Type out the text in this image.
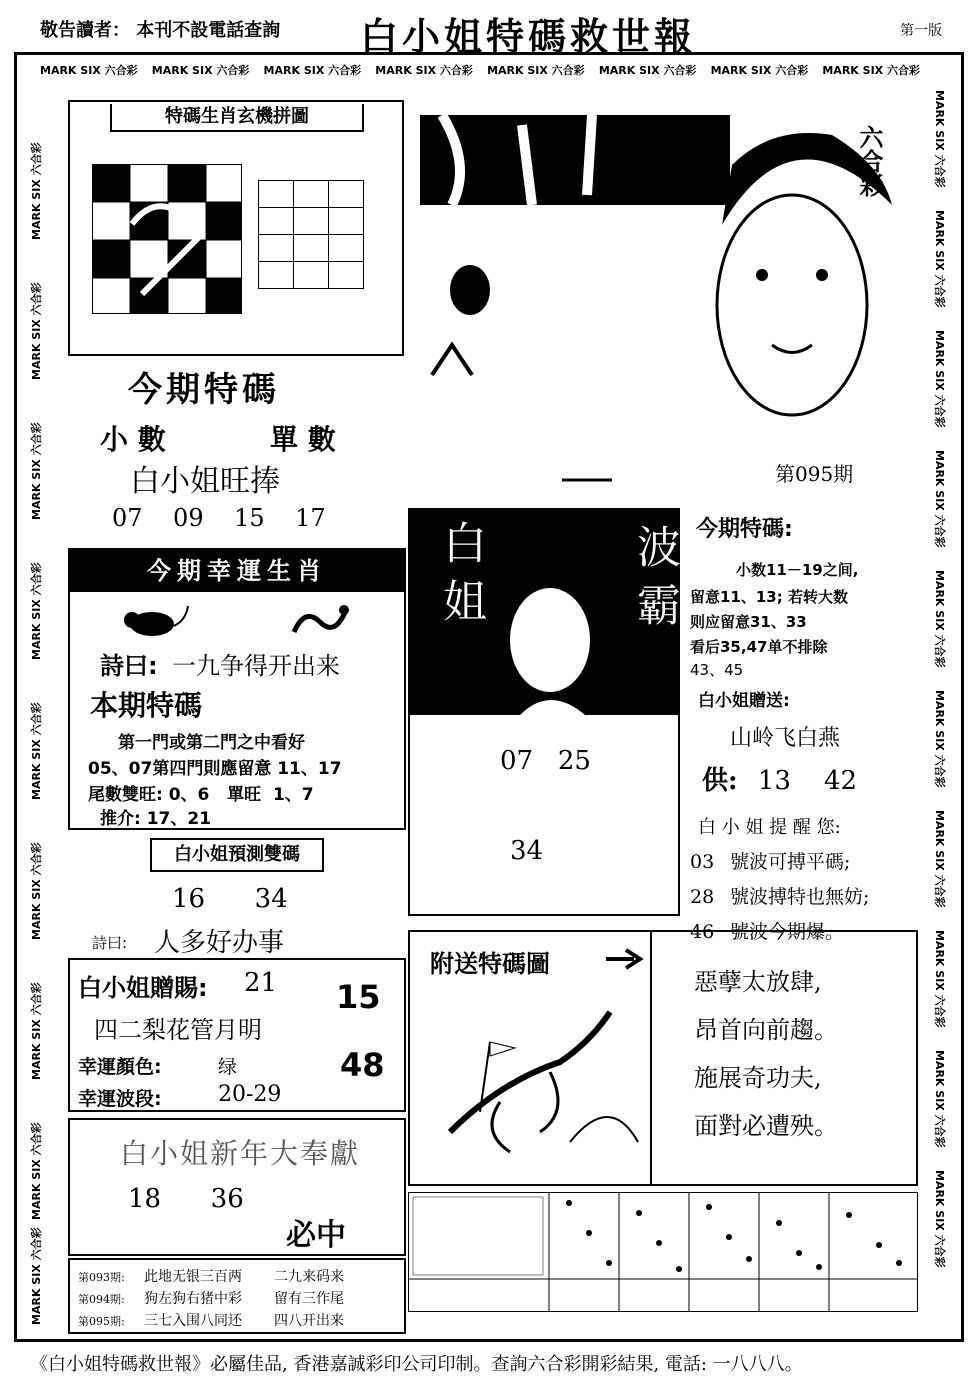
敬告讀者： 本刊不設電話查詢 白小姐特碼救世報	第一版
MARK SIX 六合彩 MARK SIX 六合彩 MARK SIX 六合彩 MARK SIX 六合彩 MARK SIX 六合彩 MARK SIX 六合彩 MARK SIX 六合彩 MARK SIX 六合彩
MARK SIX 六合彩
MARK SIX 六合彩
MARK SIX 六合彩
MARK SIX 六合彩
MARK SIX 六合彩
MARK SIX 六合彩
MARK SIX 六合彩
MARK SIX 六合彩
MARK SIX 六合彩
MARK SIX 六合彩
MARK SIX 六合彩
MARK SIX 六合彩
MARK SIX 六合彩
MARK SIX 六合彩
MARK SIX 六合彩
MARK SIX 六合彩
MARK SIX 六合彩
MARK SIX 六合彩
MARK SIX 六合彩
特碼生肖玄機拼圖

今期特碼
小 數	單 數
白小姐旺捧
07    09    15    17
六合彩
第095期
今期幸運生肖
詩曰: 一九争得开出来
本期特碼
第一門或第二門之中看好
05、07第四門則應留意 11、17
尾數雙旺: 0、6   單旺  1、7
推介: 17、21
白 姐	波 霸
07   25
34
今期特碼:
小数11－19之间,
留意11、13; 若转大数
则应留意31、33
看后35,47单不排除
43、45
白小姐贈送:
山岭飞白燕
供: 13    42
白 小 姐 提 醒 您:
03 號波可搏平碼;
28 號波搏特也無妨;
46 號波今期爆。
白小姐預測雙碼
16      34
詩曰: 人多好办事
白小姐贈賜: 21 15
四二梨花管月明
幸運顏色:	绿	48
幸運波段:	20-29
白小姐新年大奉獻
18      36
必中
第093期: 此地无银三百两 二九来码来
第094期: 狗左狗右猪中彩 留有三作尾
第095期: 三七入围八同还 四八开出来
附送特碼圖
惡孽太放肆,
昂首向前趨。
施展奇功夫,
面對必遭殃。
《白小姐特碼救世報》必屬佳品, 香港嘉誠彩印公司印制。查詢六合彩開彩結果, 電話: 一八八八。
